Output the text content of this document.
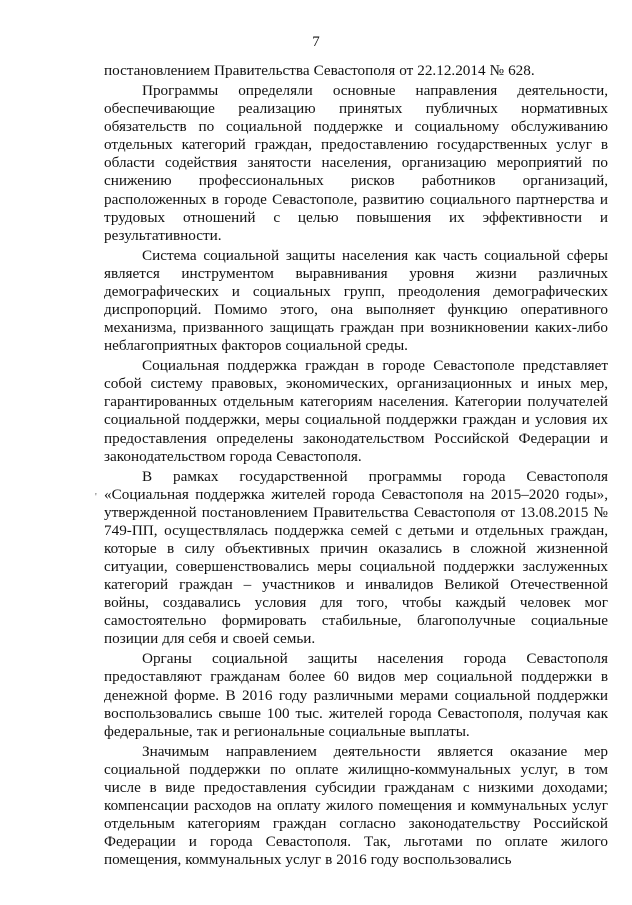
7
'

постановлением Правительства Севастополя от 22.12.2014 № 628.

Программы определяли основные направления деятельности, обеспечивающие реализацию принятых публичных нормативных обязательств по социальной поддержке и социальному обслуживанию отдельных категорий граждан, предоставлению государственных услуг в области содействия занятости населения, организацию мероприятий по снижению профессиональных рисков работников организаций, расположенных в городе Севастополе, развитию социального партнерства и трудовых отношений с целью повышения их эффективности и результативности.

Система социальной защиты населения как часть социальной сферы является инструментом выравнивания уровня жизни различных демографических и социальных групп, преодоления демографических диспропорций. Помимо этого, она выполняет функцию оперативного механизма, призванного защищать граждан при возникновении каких-либо неблагоприятных факторов социальной среды.

Социальная поддержка граждан в городе Севастополе представляет собой систему правовых, экономических, организационных и иных мер, гарантированных отдельным категориям населения. Категории получателей социальной поддержки, меры социальной поддержки граждан и условия их предоставления определены законодательством Российской Федерации и законодательством города Севастополя.

В рамках государственной программы города Севастополя «Социальная поддержка жителей города Севастополя на 2015–2020 годы», утвержденной постановлением Правительства Севастополя от 13.08.2015 № 749-ПП, осуществлялась поддержка семей с детьми и отдельных граждан, которые в силу объективных причин оказались в сложной жизненной ситуации, совершенствовались меры социальной поддержки заслуженных категорий граждан – участников и инвалидов Великой Отечественной войны, создавались условия для того, чтобы каждый человек мог самостоятельно формировать стабильные, благополучные социальные позиции для себя и своей семьи.

Органы социальной защиты населения города Севастополя предоставляют гражданам более 60 видов мер социальной поддержки в денежной форме. В 2016 году различными мерами социальной поддержки воспользовались свыше 100 тыс. жителей города Севастополя, получая как федеральные, так и региональные социальные выплаты.

Значимым направлением деятельности является оказание мер социальной поддержки по оплате жилищно-коммунальных услуг, в том числе в виде предоставления субсидии гражданам с низкими доходами; компенсации расходов на оплату жилого помещения и коммунальных услуг отдельным категориям граждан согласно законодательству Российской Федерации и города Севастополя. Так, льготами по оплате жилого помещения, коммунальных услуг в 2016 году воспользовались
